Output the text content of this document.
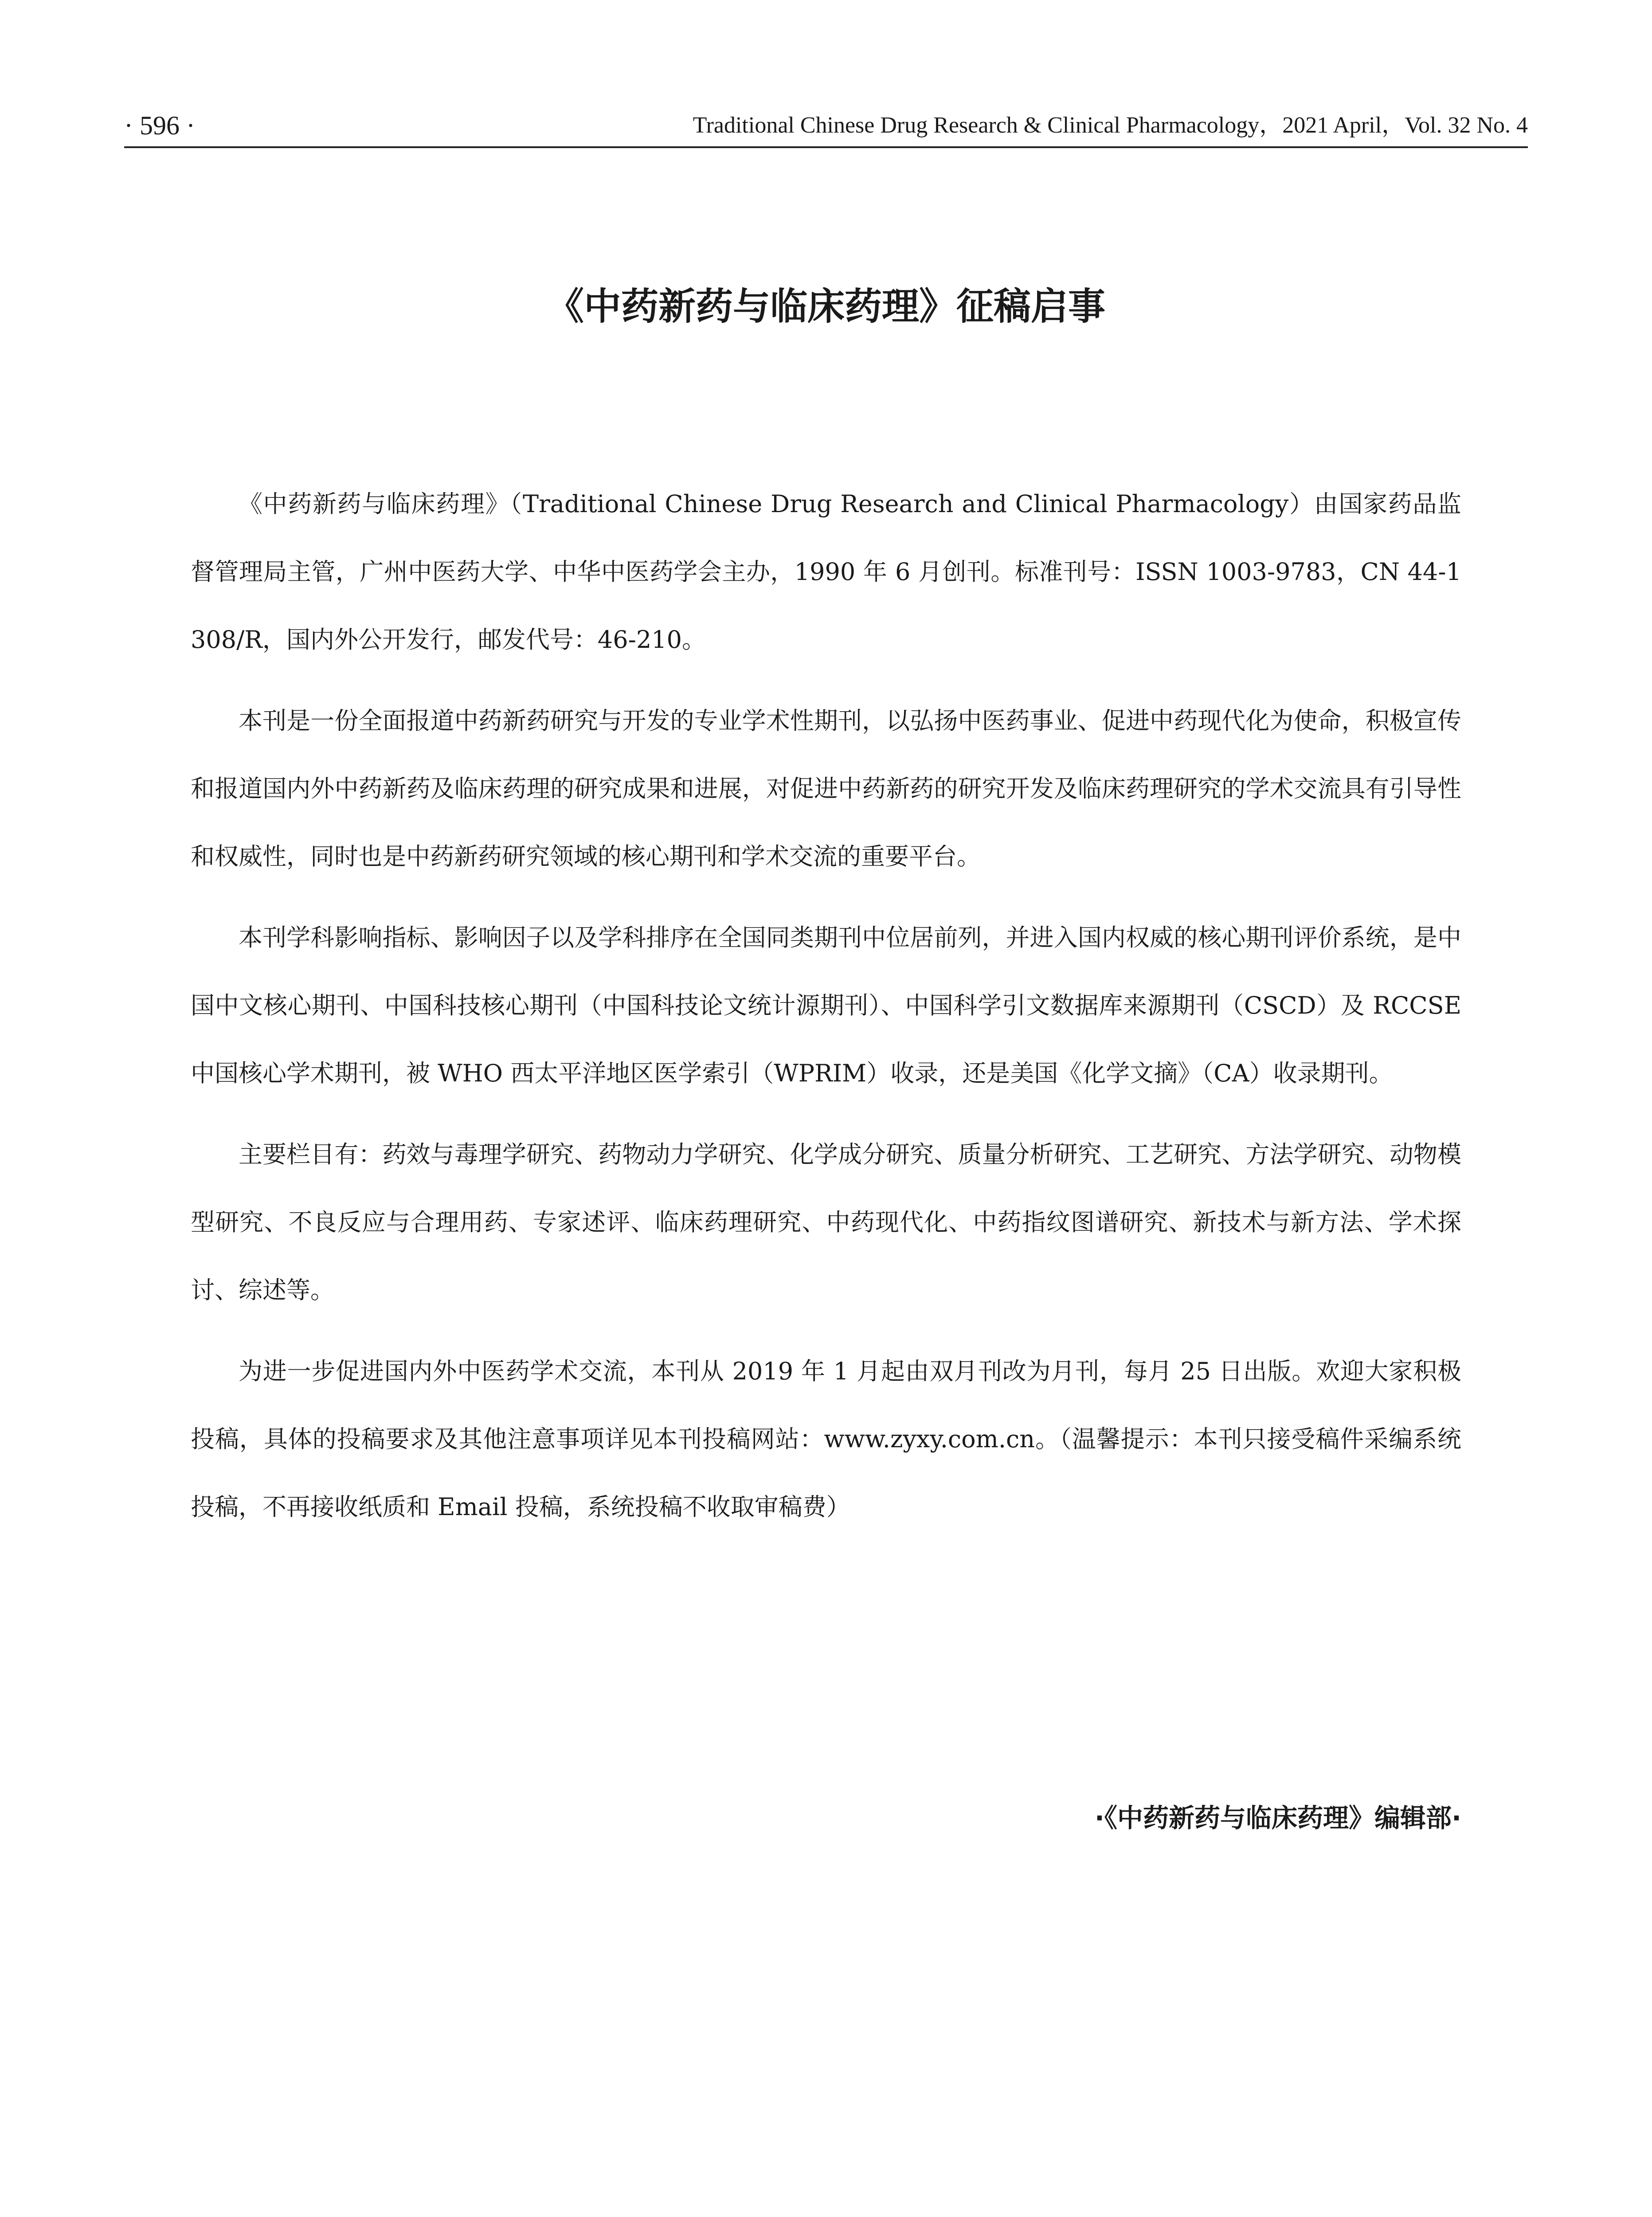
· 596 ·	Traditional Chinese Drug Research & Clinical Pharmacology，2021 April，Vol. 32 No. 4
《中药新药与临床药理》征稿启事

《中药新药与临床药理》（Traditional Chinese Drug Research and Clinical Pharmacology）由国家药品监督管理局主管，广州中医药大学、中华中医药学会主办，1990 年 6 月创刊。标准刊号：ISSN 1003-9783，CN 44-1308/R，国内外公开发行，邮发代号：46-210。

本刊是一份全面报道中药新药研究与开发的专业学术性期刊，以弘扬中医药事业、促进中药现代化为使命，积极宣传和报道国内外中药新药及临床药理的研究成果和进展，对促进中药新药的研究开发及临床药理研究的学术交流具有引导性和权威性，同时也是中药新药研究领域的核心期刊和学术交流的重要平台。

本刊学科影响指标、影响因子以及学科排序在全国同类期刊中位居前列，并进入国内权威的核心期刊评价系统，是中国中文核心期刊、中国科技核心期刊（中国科技论文统计源期刊）、中国科学引文数据库来源期刊（CSCD）及 RCCSE 中国核心学术期刊，被 WHO 西太平洋地区医学索引（WPRIM）收录，还是美国《化学文摘》（CA）收录期刊。

主要栏目有：药效与毒理学研究、药物动力学研究、化学成分研究、质量分析研究、工艺研究、方法学研究、动物模型研究、不良反应与合理用药、专家述评、临床药理研究、中药现代化、中药指纹图谱研究、新技术与新方法、学术探讨、综述等。

为进一步促进国内外中医药学术交流，本刊从 2019 年 1 月起由双月刊改为月刊，每月 25 日出版。欢迎大家积极投稿，具体的投稿要求及其他注意事项详见本刊投稿网站：www.zyxy.com.cn。（温馨提示：本刊只接受稿件采编系统投稿，不再接收纸质和 Email 投稿，系统投稿不收取审稿费）

·《中药新药与临床药理》编辑部·
